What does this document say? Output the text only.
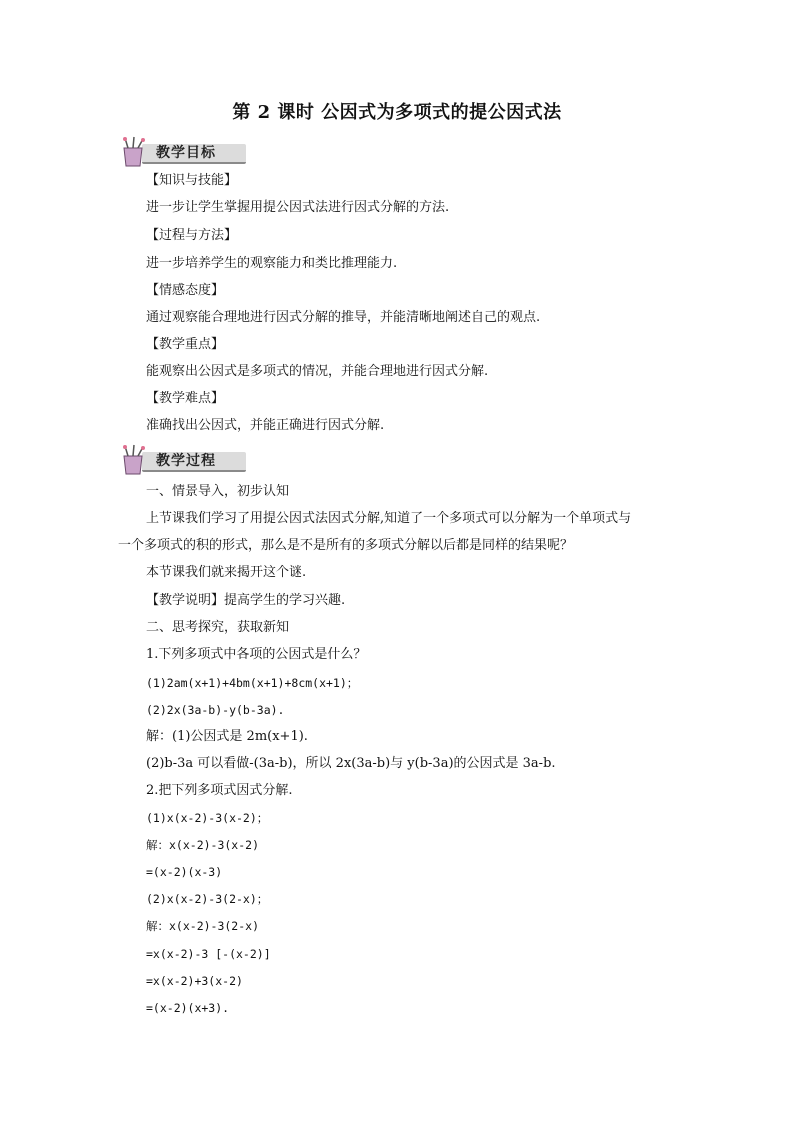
第 2 课时 公因式为多项式的提公因式法
教学目标
【知识与技能】
进一步让学生掌握用提公因式法进行因式分解的方法.
【过程与方法】
进一步培养学生的观察能力和类比推理能力.
【情感态度】
通过观察能合理地进行因式分解的推导，并能清晰地阐述自己的观点.
【教学重点】
能观察出公因式是多项式的情况，并能合理地进行因式分解.
【教学难点】
准确找出公因式，并能正确进行因式分解.
教学过程
一、情景导入，初步认知
上节课我们学习了用提公因式法因式分解,知道了一个多项式可以分解为一个单项式与
一个多项式的积的形式，那么是不是所有的多项式分解以后都是同样的结果呢？
本节课我们就来揭开这个谜.
【教学说明】提高学生的学习兴趣.
二、思考探究，获取新知
1.下列多项式中各项的公因式是什么？
(1)2am(x+1)+4bm(x+1)+8cm(x+1)；
(2)2x(3a-b)-y(b-3a).
解：(1)公因式是 2m(x+1).
(2)b-3a 可以看做-(3a-b)，所以 2x(3a-b)与 y(b-3a)的公因式是 3a-b.
2.把下列多项式因式分解.
(1)x(x-2)-3(x-2)；
解：x(x-2)-3(x-2)
=(x-2)(x-3)
(2)x(x-2)-3(2-x)；
解：x(x-2)-3(2-x)
=x(x-2)-3 [-(x-2)]
=x(x-2)+3(x-2)
=(x-2)(x+3).
